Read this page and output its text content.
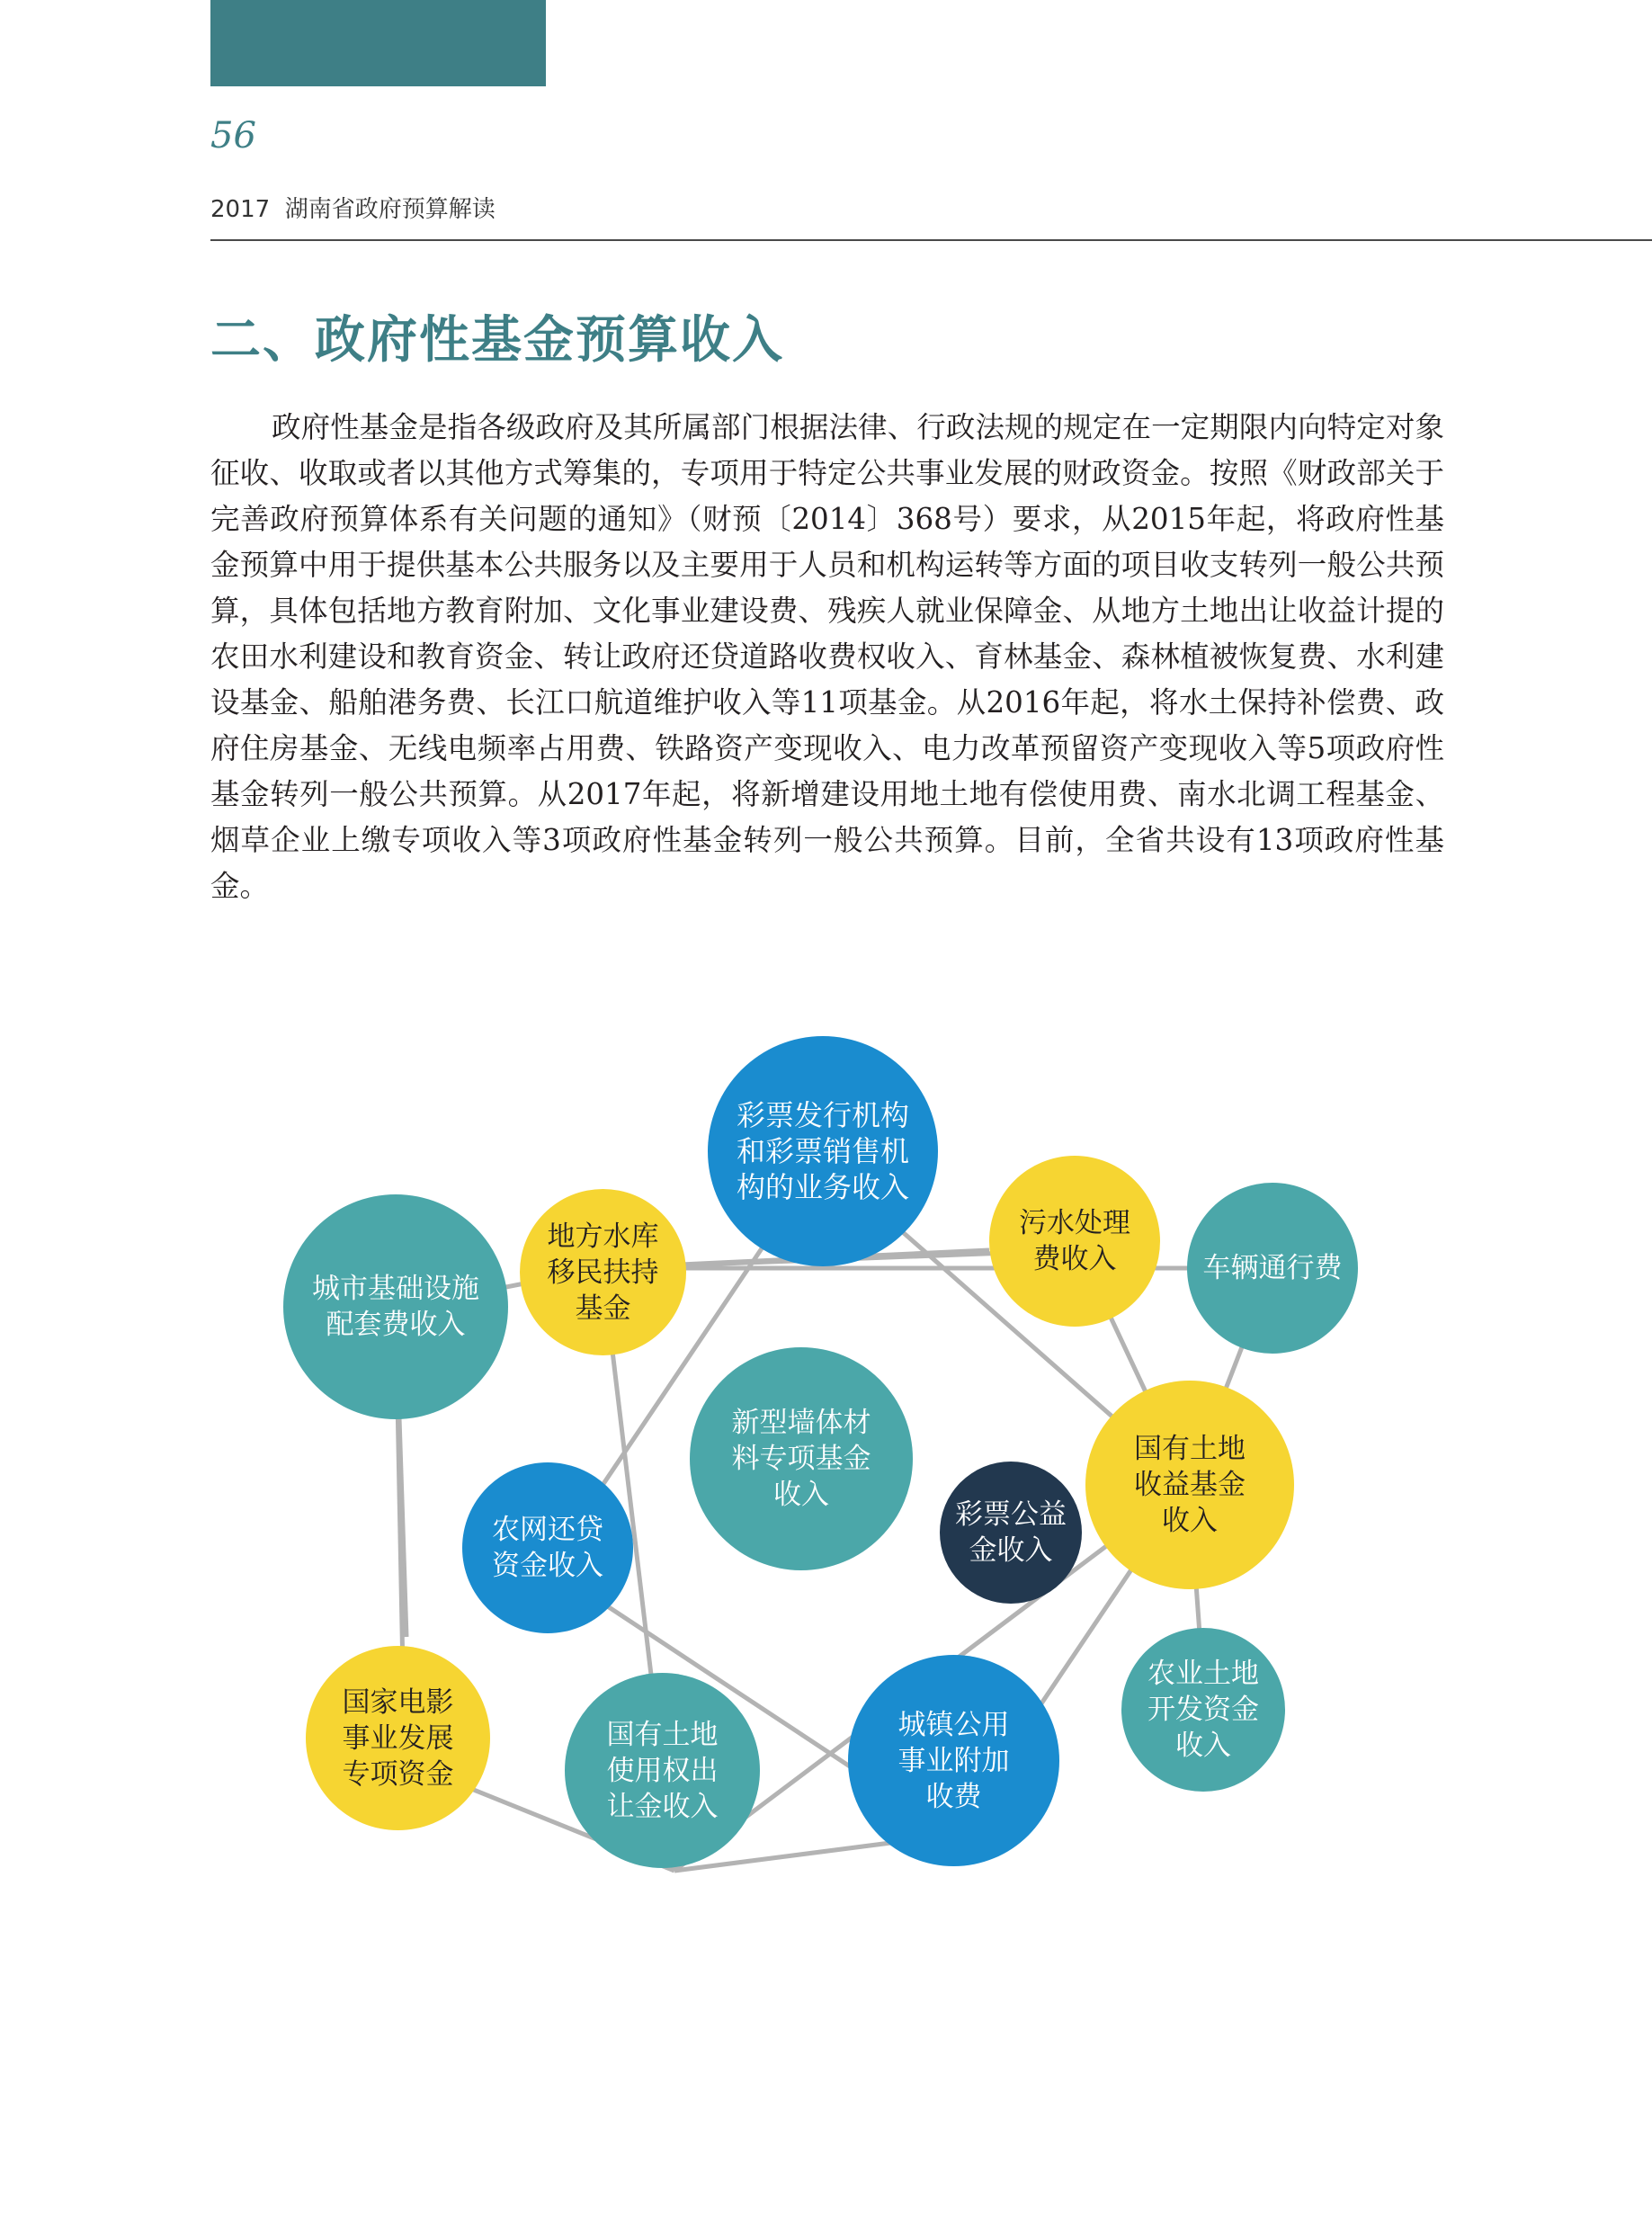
56
2017  湖南省政府预算解读
二、政府性基金预算收入

政府性基金是指各级政府及其所属部门根据法律、行政法规的规定在一定期限内向特定对象征收、收取或者以其他方式筹集的，专项用于特定公共事业发展的财政资金。按照《财政部关于完善政府预算体系有关问题的通知》（财预〔2014〕368号）要求，从2015年起，将政府性基金预算中用于提供基本公共服务以及主要用于人员和机构运转等方面的项目收支转列一般公共预算，具体包括地方教育附加、文化事业建设费、残疾人就业保障金、从地方土地出让收益计提的农田水利建设和教育资金、转让政府还贷道路收费权收入、育林基金、森林植被恢复费、水利建设基金、船舶港务费、长江口航道维护收入等11项基金。从2016年起，将水土保持补偿费、政府住房基金、无线电频率占用费、铁路资产变现收入、电力改革预留资产变现收入等5项政府性基金转列一般公共预算。从2017年起，将新增建设用地土地有偿使用费、南水北调工程基金、烟草企业上缴专项收入等3项政府性基金转列一般公共预算。目前，全省共设有13项政府性基金。

彩票发行机构和彩票销售机构的业务收入
城市基础设施配套费收入
地方水库移民扶持基金
污水处理费收入	车辆通行费
新型墙体材料专项基金收入
国有土地收益基金收入
农网还贷资金收入
彩票公益金收入
国家电影事业发展专项资金
国有土地使用权出让金收入
城镇公用事业附加收费
农业土地开发资金收入
